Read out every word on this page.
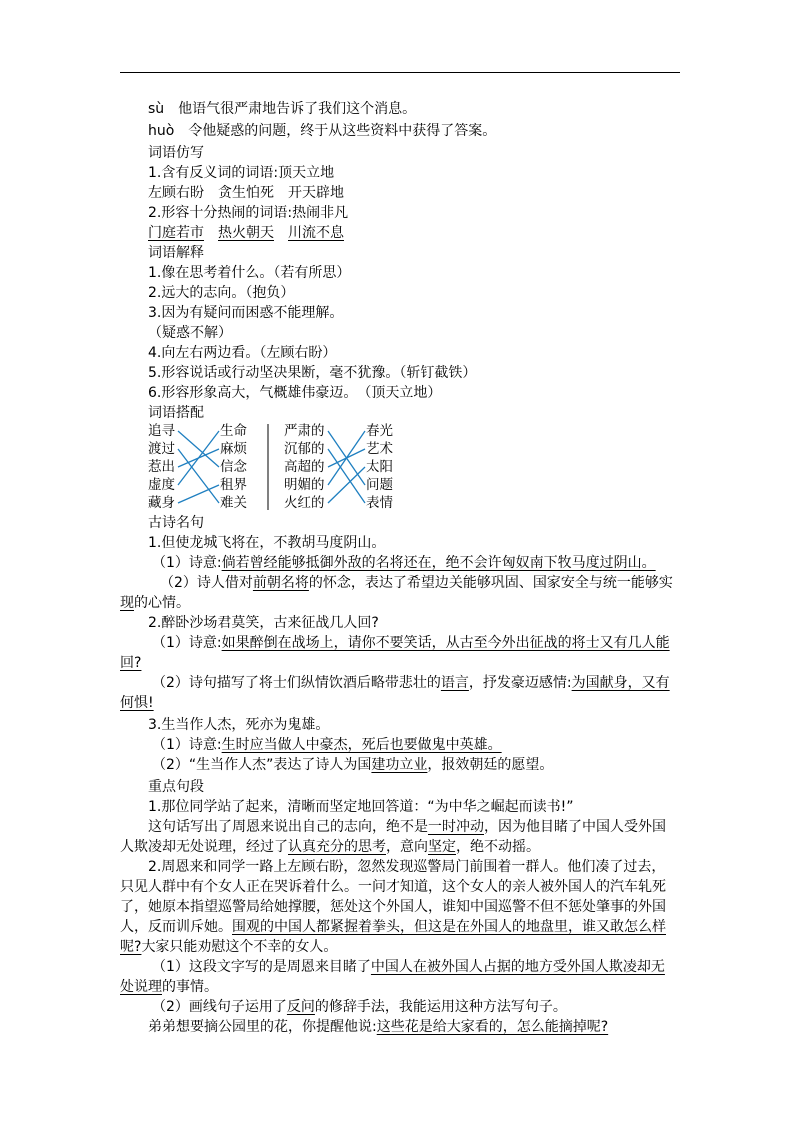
sù 他语气很严肃地告诉了我们这个消息。
huò 令他疑惑的问题，终于从这些资料中获得了答案。
词语仿写
1.含有反义词的词语:顶天立地
左顾右盼 贪生怕死 开天辟地
2.形容十分热闹的词语:热闹非凡
门庭若市 热火朝天 川流不息
词语解释
1.像在思考着什么。（若有所思）
2.远大的志向。（抱负）
3.因为有疑问而困惑不能理解。
（疑惑不解）
4.向左右两边看。（左顾右盼）
5.形容说话或行动坚决果断，毫不犹豫。（斩钉截铁）
6.形容形象高大，气概雄伟豪迈。　（顶天立地）
词语搭配
古诗名句
1.但使龙城飞将在，不教胡马度阴山。
（1）诗意:倘若曾经能够抵御外敌的名将还在，绝不会许匈奴南下牧马度过阴山。
（2）诗人借对前朝名将的怀念，表达了希望边关能够巩固、国家安全与统一能够实
现的心情。
2.醉卧沙场君莫笑，古来征战几人回?
（1）诗意:如果醉倒在战场上，请你不要笑话，从古至今外出征战的将士又有几人能
回?
（2）诗句描写了将士们纵情饮酒后略带悲壮的语言，抒发豪迈感情:为国献身，又有
何惧!
3.生当作人杰，死亦为鬼雄。
（1）诗意:生时应当做人中豪杰，死后也要做鬼中英雄。
（2）“生当作人杰”表达了诗人为国建功立业，报效朝廷的愿望。
重点句段
1.那位同学站了起来，清晰而坚定地回答道：“为中华之崛起而读书!”
这句话写出了周恩来说出自己的志向，绝不是一时冲动，因为他目睹了中国人受外国
人欺凌却无处说理，经过了认真充分的思考，意向坚定，绝不动摇。
2.周恩来和同学一路上左顾右盼，忽然发现巡警局门前围着一群人。他们凑了过去，
只见人群中有个女人正在哭诉着什么。一问才知道，这个女人的亲人被外国人的汽车轧死
了，她原本指望巡警局给她撑腰，惩处这个外国人，谁知中国巡警不但不惩处肇事的外国
人，反而训斥她。围观的中国人都紧握着拳头，但这是在外国人的地盘里，谁又敢怎么样
呢?大家只能劝慰这个不幸的女人。
（1）这段文字写的是周恩来目睹了中国人在被外国人占据的地方受外国人欺凌却无
处说理的事情。
（2）画线句子运用了反问的修辞手法，我能运用这种方法写句子。
弟弟想要摘公园里的花，你提醒他说:这些花是给大家看的，怎么能摘掉呢?
追寻
渡过
惹出
虚度
藏身
生命
麻烦
信念
租界
难关
严肃的
沉郁的
高超的
明媚的
火红的
春光
艺术
太阳
问题
表情
